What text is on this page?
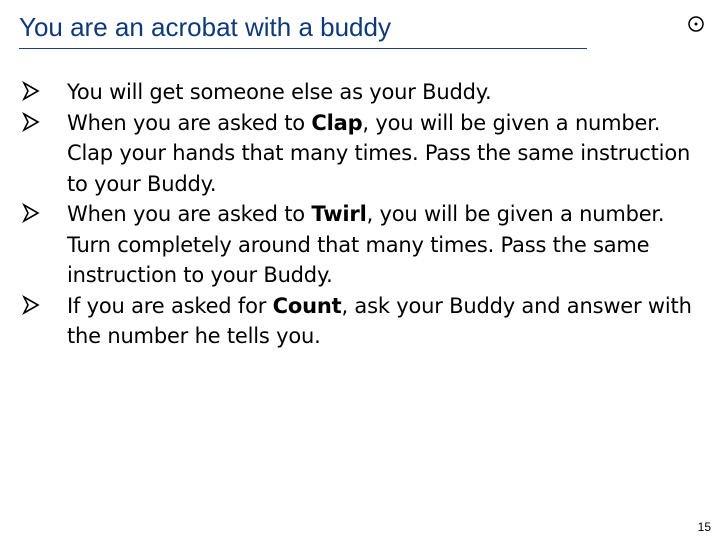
You are an acrobat with a buddy
You will get someone else as your Buddy.
When you are asked to Clap, you will be given a number. Clap your hands that many times. Pass the same instruction to your Buddy.
When you are asked to Twirl, you will be given a number. Turn completely around that many times. Pass the same instruction to your Buddy.
If you are asked for Count, ask your Buddy and answer with the number he tells you.
15
